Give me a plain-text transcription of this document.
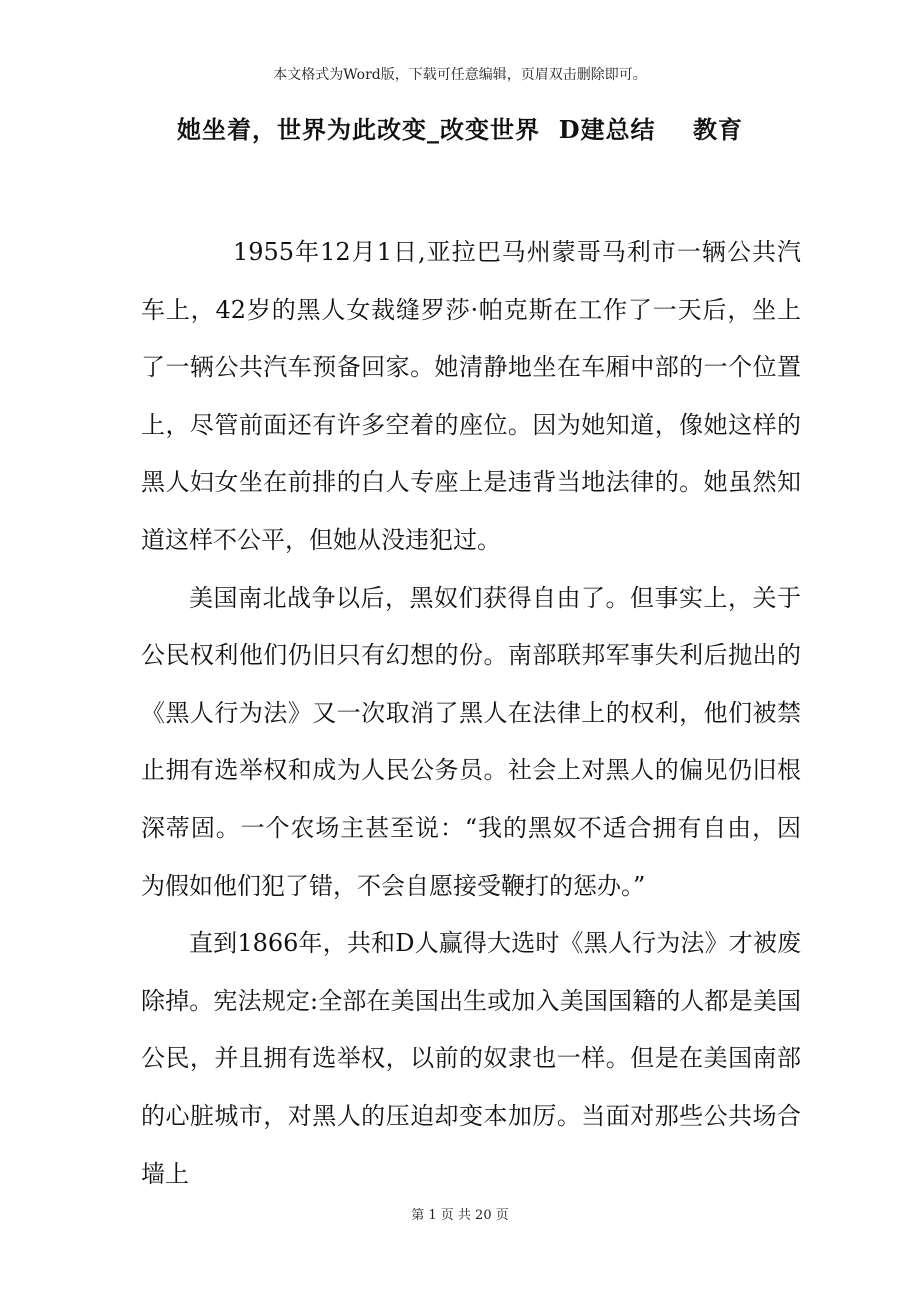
本文格式为Word版，下载可任意编辑，页眉双击删除即可。
她坐着，世界为此改变_改变世界  D建总结    教育

1955年12月1日,亚拉巴马州蒙哥马利市一辆公共汽车上，42岁的黑人女裁缝罗莎·帕克斯在工作了一天后，坐上了一辆公共汽车预备回家。她清静地坐在车厢中部的一个位置上，尽管前面还有许多空着的座位。因为她知道，像她这样的黑人妇女坐在前排的白人专座上是违背当地法律的。她虽然知道这样不公平，但她从没违犯过。

美国南北战争以后，黑奴们获得自由了。但事实上，关于公民权利他们仍旧只有幻想的份。南部联邦军事失利后抛出的《黑人行为法》又一次取消了黑人在法律上的权利，他们被禁止拥有选举权和成为人民公务员。社会上对黑人的偏见仍旧根深蒂固。一个农场主甚至说：“我的黑奴不适合拥有自由，因为假如他们犯了错，不会自愿接受鞭打的惩办。”

直到1866年，共和D人赢得大选时《黑人行为法》才被废除掉。宪法规定:全部在美国出生或加入美国国籍的人都是美国公民，并且拥有选举权，以前的奴隶也一样。但是在美国南部的心脏城市，对黑人的压迫却变本加厉。当面对那些公共场合墙上

第 1 页 共 20 页
